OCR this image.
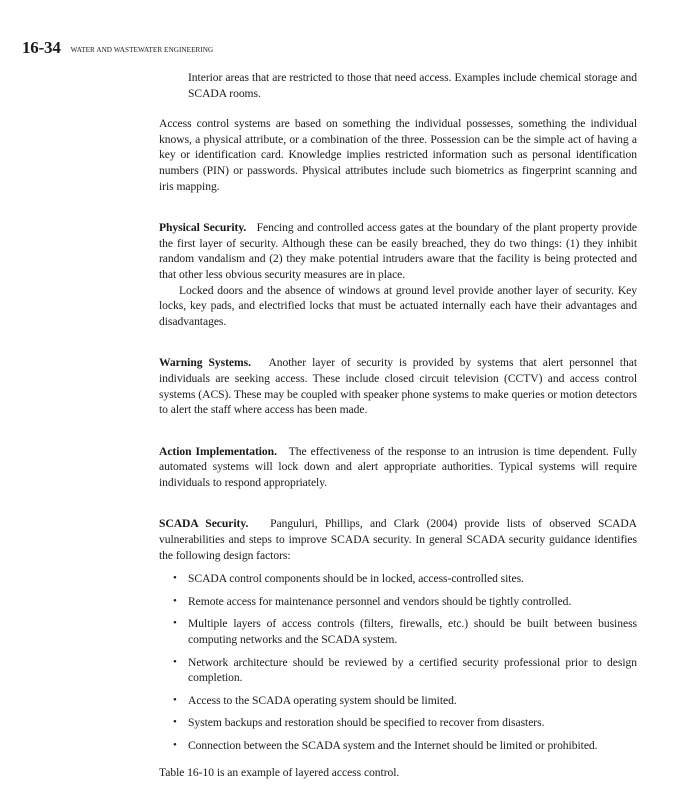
16-34 WATER AND WASTEWATER ENGINEERING

Interior areas that are restricted to those that need access. Examples include chemical storage and SCADA rooms.

Access control systems are based on something the individual possesses, something the individual knows, a physical attribute, or a combination of the three. Possession can be the simple act of having a key or identification card. Knowledge implies restricted information such as personal identification numbers (PIN) or passwords. Physical attributes include such biometrics as fingerprint scanning and iris mapping.

Physical Security. Fencing and controlled access gates at the boundary of the plant property provide the first layer of security. Although these can be easily breached, they do two things: (1) they inhibit random vandalism and (2) they make potential intruders aware that the facility is being protected and that other less obvious security measures are in place.

Locked doors and the absence of windows at ground level provide another layer of security. Key locks, key pads, and electrified locks that must be actuated internally each have their advantages and disadvantages.

Warning Systems. Another layer of security is provided by systems that alert personnel that individuals are seeking access. These include closed circuit television (CCTV) and access control systems (ACS). These may be coupled with speaker phone systems to make queries or motion detectors to alert the staff where access has been made.

Action Implementation. The effectiveness of the response to an intrusion is time dependent. Fully automated systems will lock down and alert appropriate authorities. Typical systems will require individuals to respond appropriately.

SCADA Security. Panguluri, Phillips, and Clark (2004) provide lists of observed SCADA vulnerabilities and steps to improve SCADA security. In general SCADA security guidance identifies the following design factors:

• SCADA control components should be in locked, access-controlled sites.
• Remote access for maintenance personnel and vendors should be tightly controlled.
• Multiple layers of access controls (filters, firewalls, etc.) should be built between business computing networks and the SCADA system.
• Network architecture should be reviewed by a certified security professional prior to design completion.
• Access to the SCADA operating system should be limited.
• System backups and restoration should be specified to recover from disasters.
• Connection between the SCADA system and the Internet should be limited or prohibited.

Table 16-10 is an example of layered access control.
